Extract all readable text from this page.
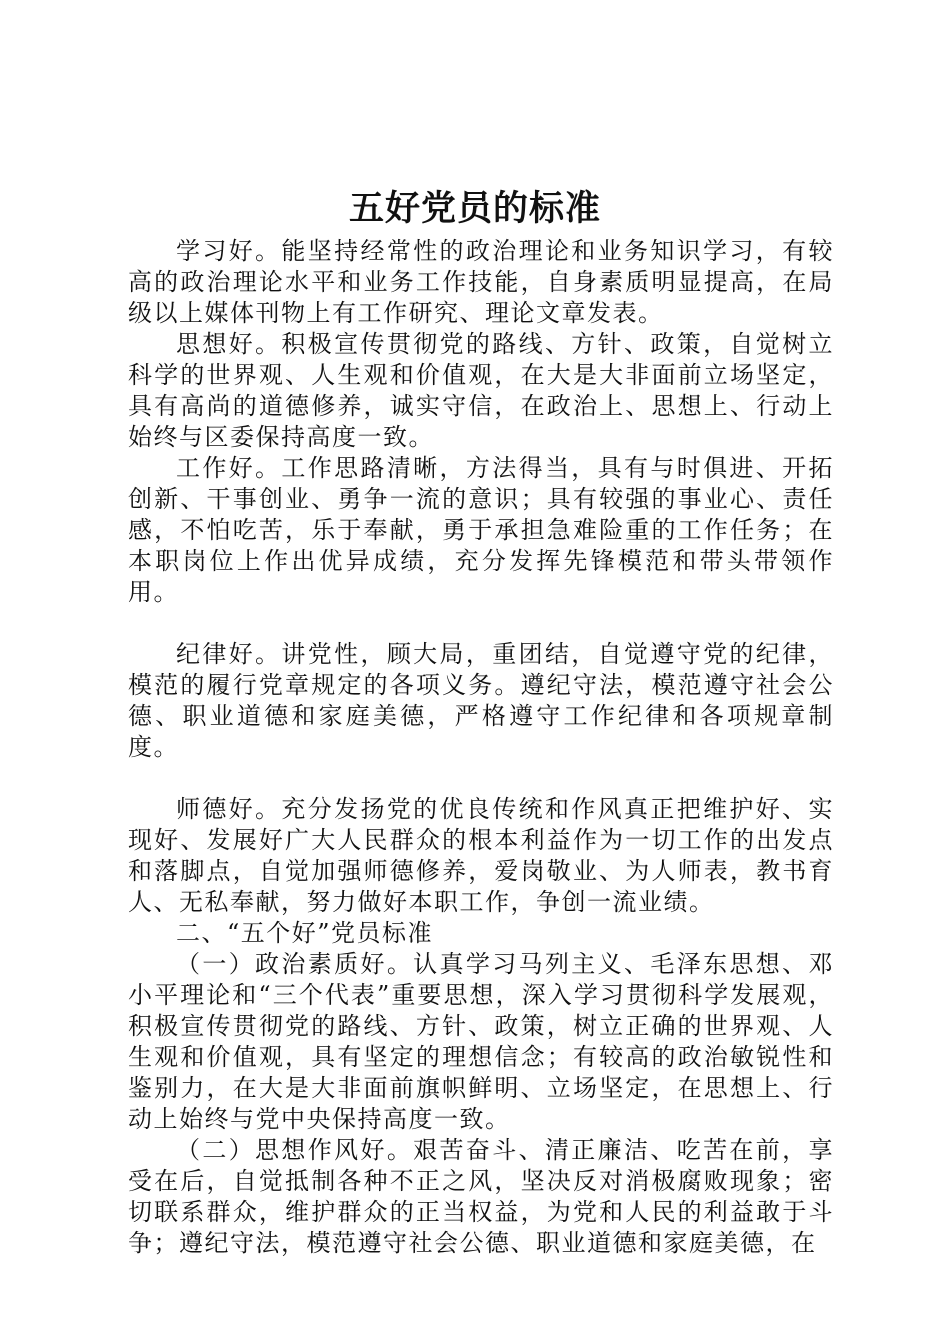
五好党员的标准

学习好。能坚持经常性的政治理论和业务知识学习，有较高的政治理论水平和业务工作技能，自身素质明显提高，在局级以上媒体刊物上有工作研究、理论文章发表。

思想好。积极宣传贯彻党的路线、方针、政策，自觉树立科学的世界观、人生观和价值观，在大是大非面前立场坚定，具有高尚的道德修养，诚实守信，在政治上、思想上、行动上始终与区委保持高度一致。

工作好。工作思路清晰，方法得当，具有与时俱进、开拓创新、干事创业、勇争一流的意识；具有较强的事业心、责任感，不怕吃苦，乐于奉献，勇于承担急难险重的工作任务；在本职岗位上作出优异成绩，充分发挥先锋模范和带头带领作用。

纪律好。讲党性，顾大局，重团结，自觉遵守党的纪律，模范的履行党章规定的各项义务。遵纪守法，模范遵守社会公德、职业道德和家庭美德，严格遵守工作纪律和各项规章制度。

师德好。充分发扬党的优良传统和作风真正把维护好、实现好、发展好广大人民群众的根本利益作为一切工作的出发点和落脚点，自觉加强师德修养，爱岗敬业、为人师表，教书育人、无私奉献，努力做好本职工作，争创一流业绩。

二、“五个好”党员标准

（一）政治素质好。认真学习马列主义、毛泽东思想、邓小平理论和“三个代表”重要思想，深入学习贯彻科学发展观，积极宣传贯彻党的路线、方针、政策，树立正确的世界观、人生观和价值观，具有坚定的理想信念；有较高的政治敏锐性和鉴别力，在大是大非面前旗帜鲜明、立场坚定，在思想上、行动上始终与党中央保持高度一致。

（二）思想作风好。艰苦奋斗、清正廉洁、吃苦在前，享受在后，自觉抵制各种不正之风，坚决反对消极腐败现象；密切联系群众，维护群众的正当权益，为党和人民的利益敢于斗争；遵纪守法，模范遵守社会公德、职业道德和家庭美德，在
